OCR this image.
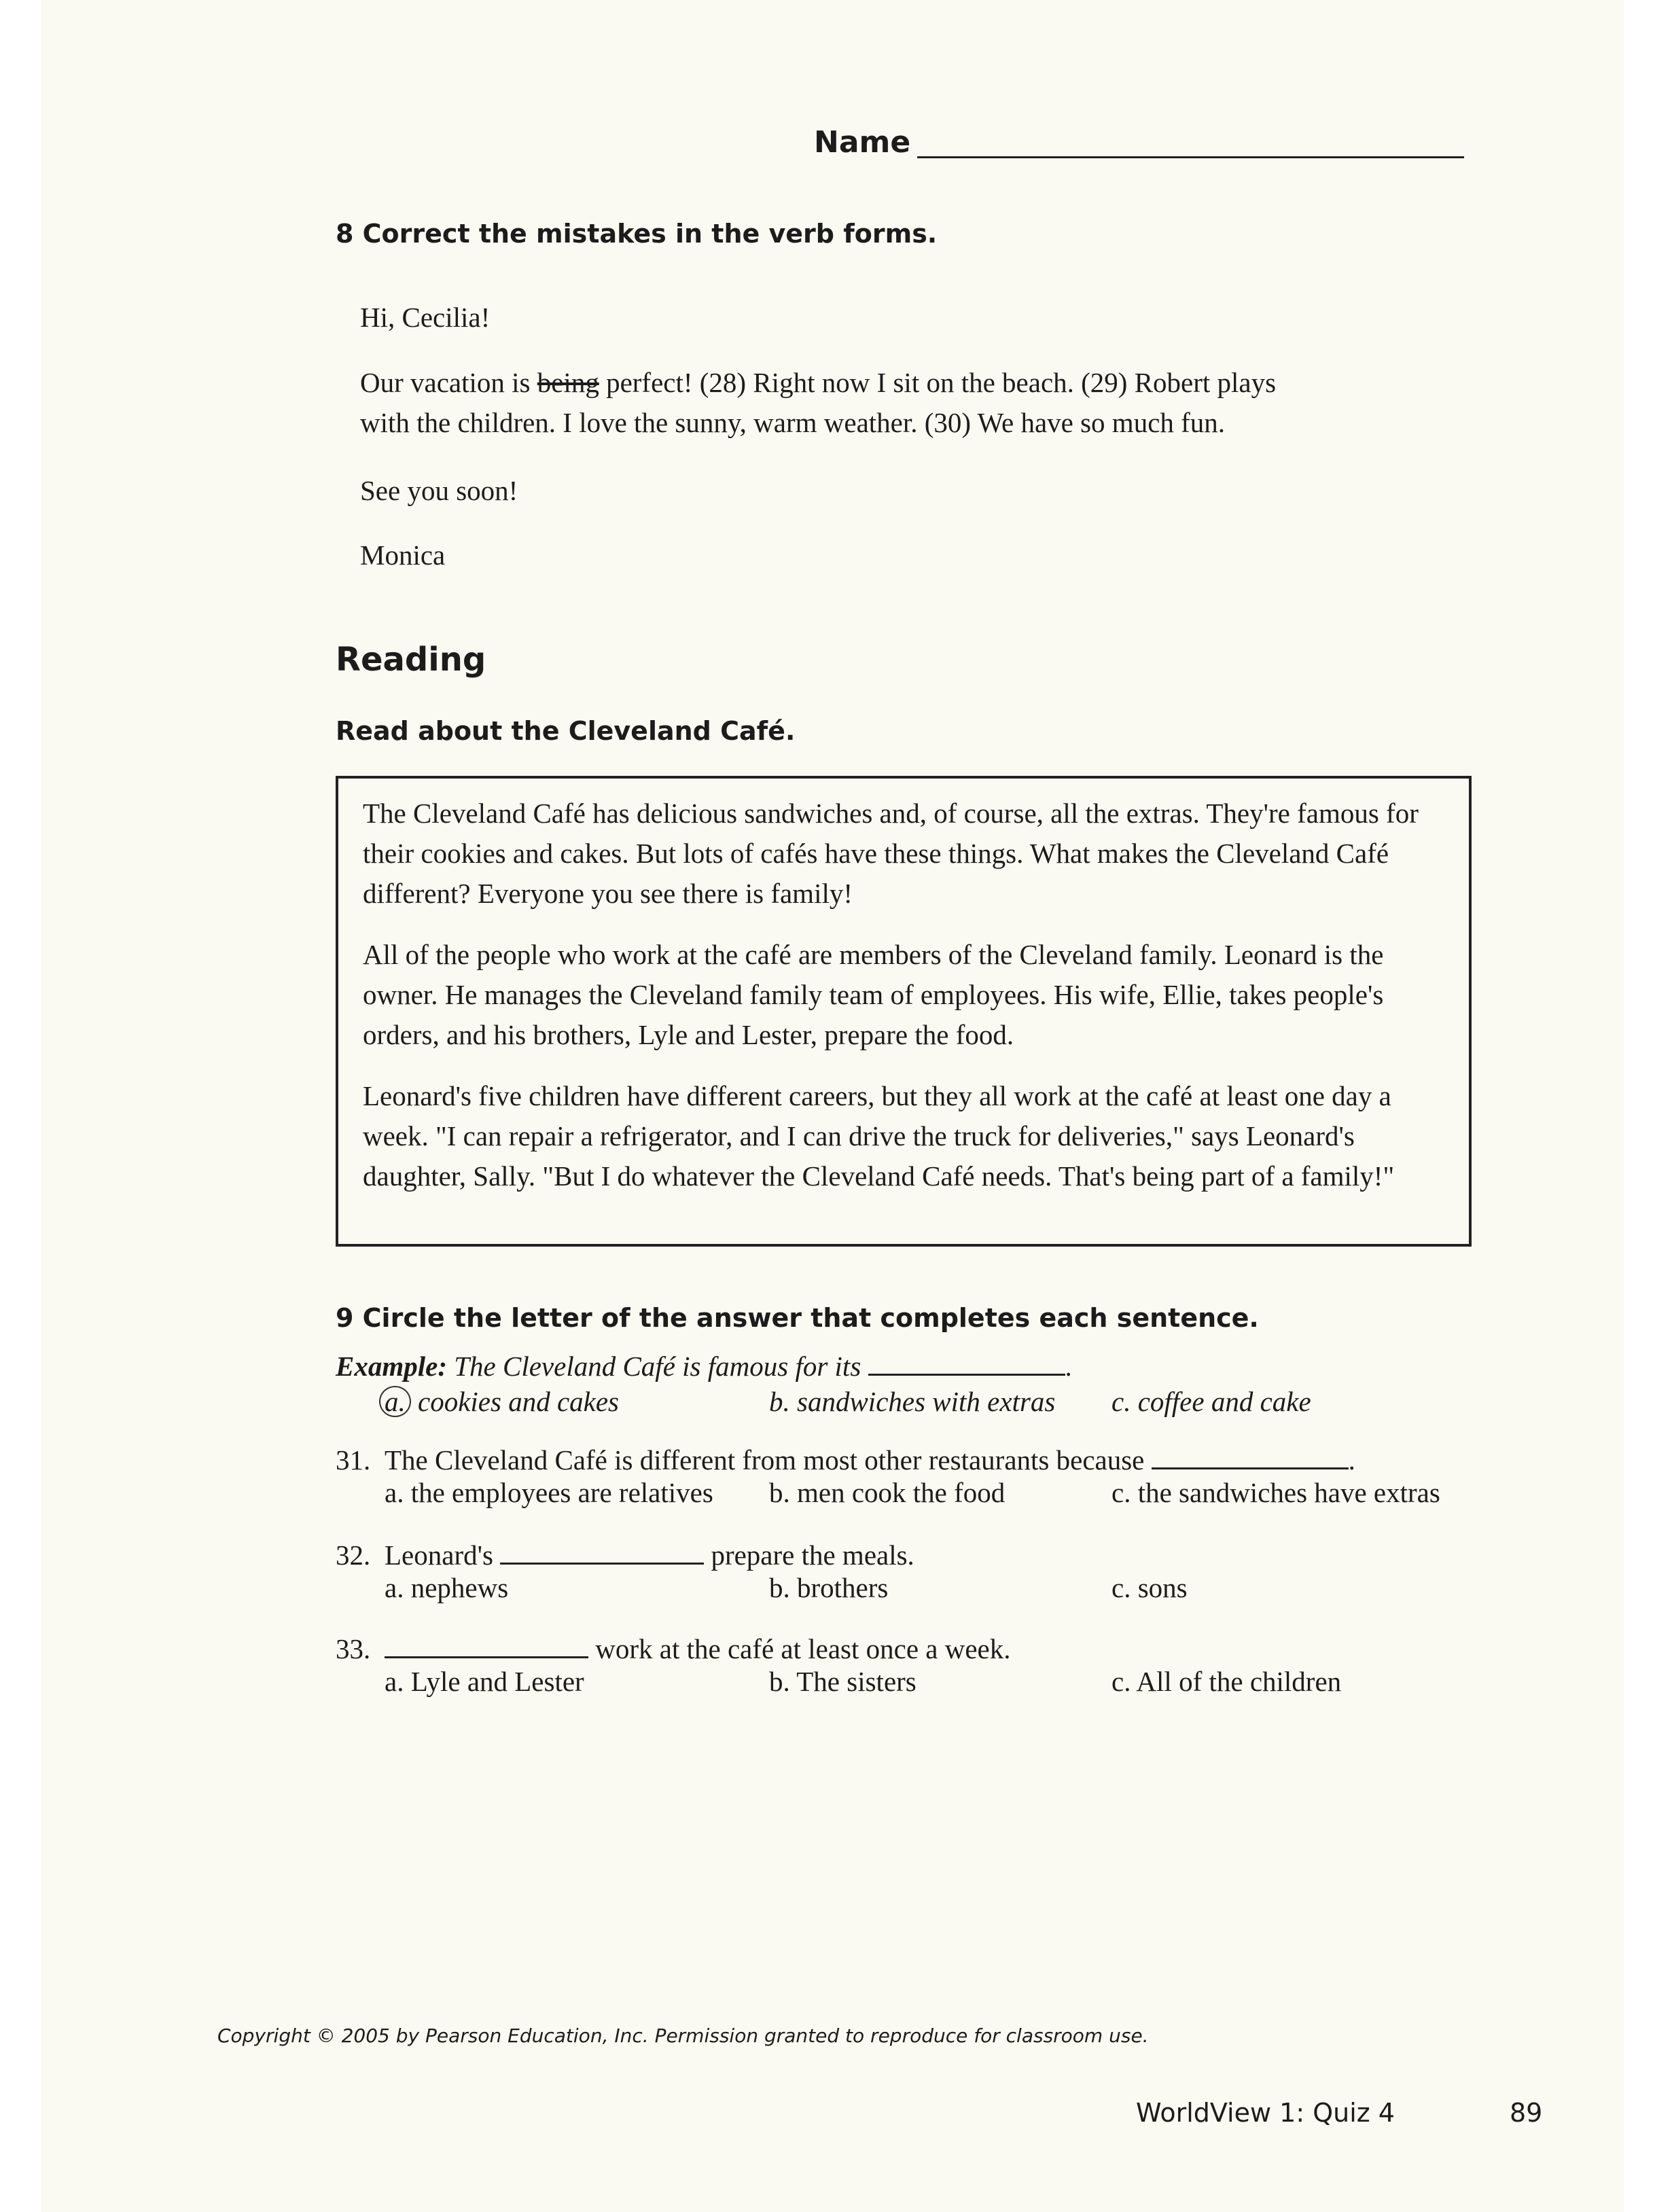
Name
8 Correct the mistakes in the verb forms.
Hi, Cecilia!
Our vacation is being perfect! (28) Right now I sit on the beach. (29) Robert plays
with the children. I love the sunny, warm weather. (30) We have so much fun.
See you soon!
Monica
Reading
Read about the Cleveland Café.
The Cleveland Café has delicious sandwiches and, of course, all the extras. They're famous for their cookies and cakes. But lots of cafés have these things. What makes the Cleveland Café different? Everyone you see there is family!
All of the people who work at the café are members of the Cleveland family. Leonard is the owner. He manages the Cleveland family team of employees. His wife, Ellie, takes people's orders, and his brothers, Lyle and Lester, prepare the food.
Leonard's five children have different careers, but they all work at the café at least one day a week. "I can repair a refrigerator, and I can drive the truck for deliveries," says Leonard's daughter, Sally. "But I do whatever the Cleveland Café needs. That's being part of a family!"
9 Circle the letter of the answer that completes each sentence.
Example: The Cleveland Café is famous for its	.
a. cookies and cakes	b. sandwiches with extras c. coffee and cake
31. The Cleveland Café is different from most other restaurants because	.
a. the employees are relatives b. men cook the food	c. the sandwiches have extras
32. Leonard's	prepare the meals.
a. nephews	b. brothers	c. sons
33.	work at the café at least once a week.
a. Lyle and Lester	b. The sisters	c. All of the children
Copyright © 2005 by Pearson Education, Inc. Permission granted to reproduce for classroom use.
WorldView 1: Quiz 4	89
